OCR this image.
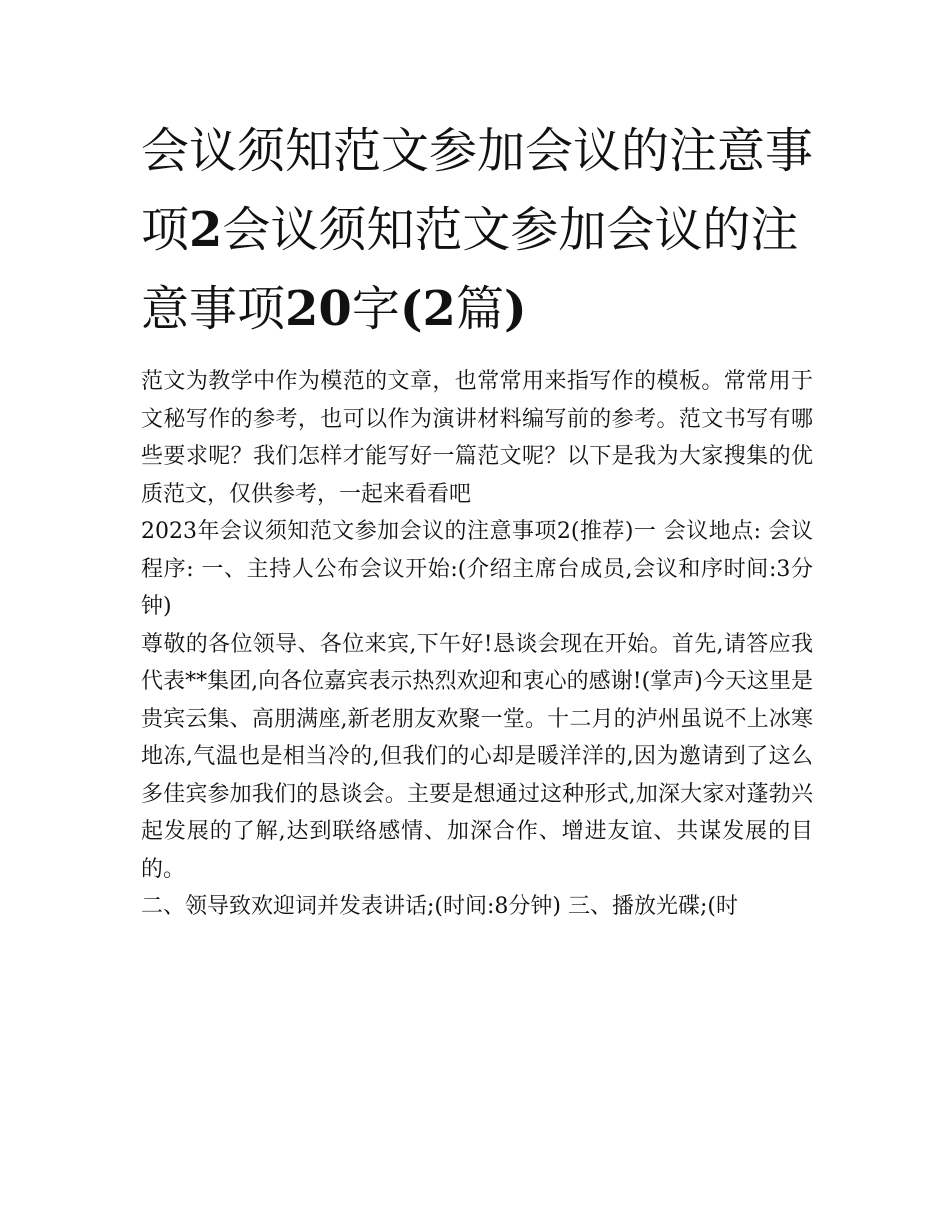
会议须知范文参加会议的注意事项2会议须知范文参加会议的注意事项20字(2篇)

范文为教学中作为模范的文章，也常常用来指写作的模板。常常用于文秘写作的参考，也可以作为演讲材料编写前的参考。范文书写有哪些要求呢？我们怎样才能写好一篇范文呢？以下是我为大家搜集的优质范文，仅供参考，一起来看看吧

2023年会议须知范文参加会议的注意事项2(推荐)一 会议地点: 会议程序: 一、主持人公布会议开始:(介绍主席台成员,会议和序时间:3分钟)

尊敬的各位领导、各位来宾,下午好!恳谈会现在开始。首先,请答应我代表**集团,向各位嘉宾表示热烈欢迎和衷心的感谢!(掌声)今天这里是贵宾云集、高朋满座,新老朋友欢聚一堂。十二月的泸州虽说不上冰寒地冻,气温也是相当冷的,但我们的心却是暖洋洋的,因为邀请到了这么多佳宾参加我们的恳谈会。主要是想通过这种形式,加深大家对蓬勃兴起发展的了解,达到联络感情、加深合作、增进友谊、共谋发展的目的。

二、领导致欢迎词并发表讲话;(时间:8分钟) 三、播放光碟;(时
